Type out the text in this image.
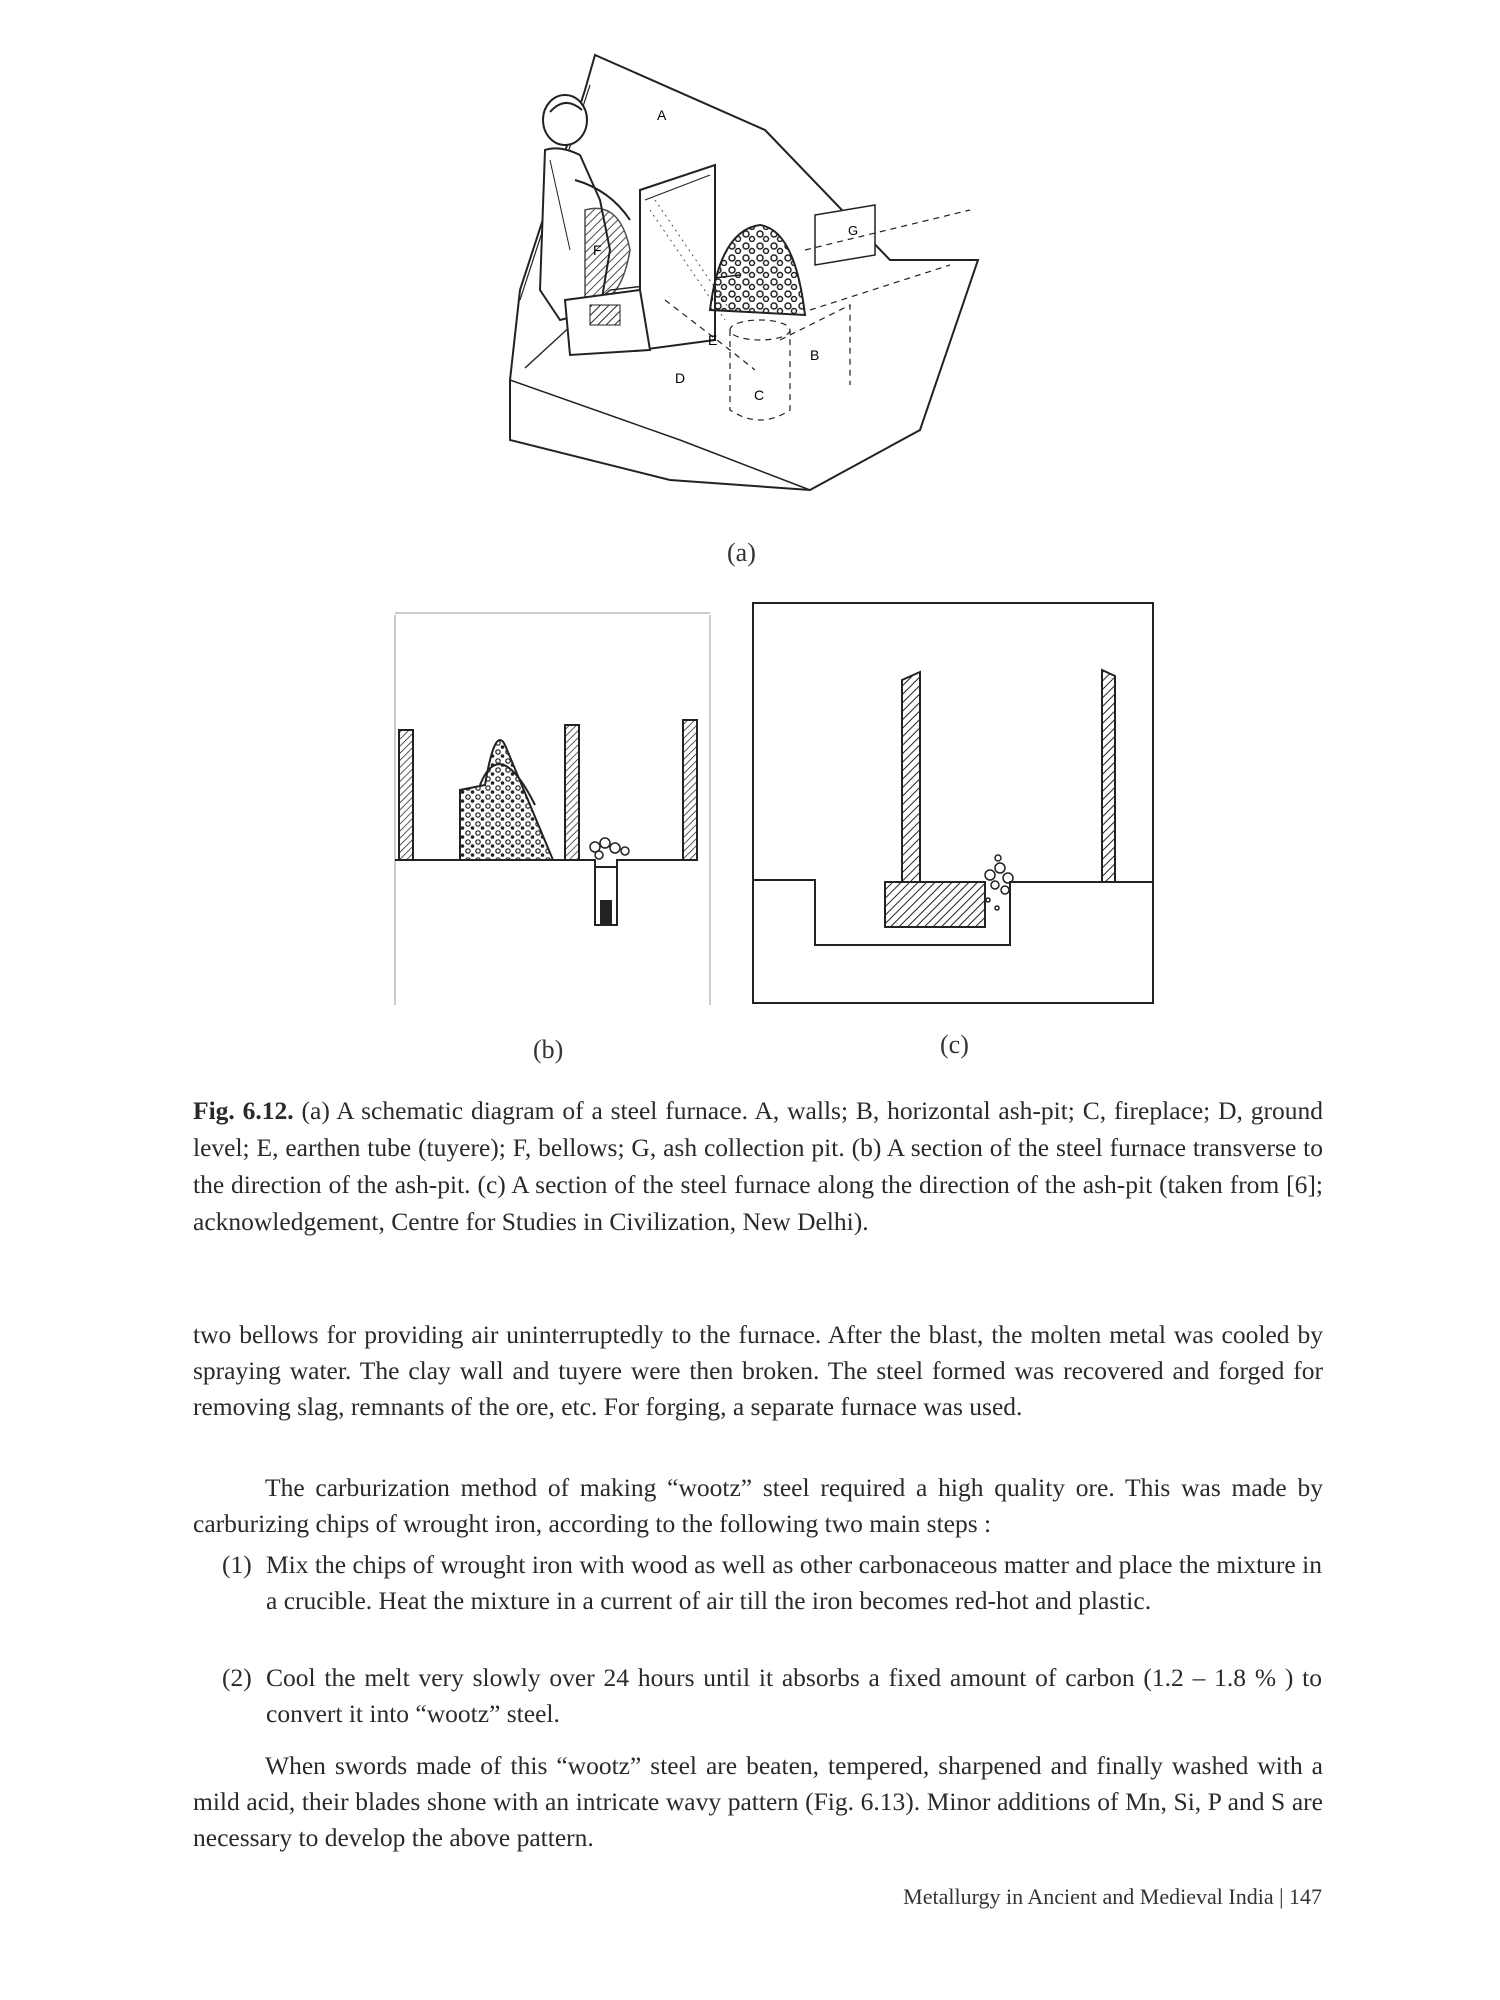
F
G
E
D
C
B
A
(a)
(b)	(c)
Fig. 6.12. (a) A schematic diagram of a steel furnace. A, walls; B, horizontal ash-pit; C, fireplace; D, ground level; E, earthen tube (tuyere); F, bellows; G, ash collection pit. (b) A section of the steel furnace transverse to the direction of the ash-pit. (c) A section of the steel furnace along the direction of the ash-pit (taken from [6]; acknowledgement, Centre for Studies in Civilization, New Delhi).
two bellows for providing air uninterruptedly to the furnace. After the blast, the molten metal was cooled by spraying water. The clay wall and tuyere were then broken. The steel formed was recovered and forged for removing slag, remnants of the ore, etc. For forging, a separate furnace was used.
The carburization method of making “wootz” steel required a high quality ore. This was made by carburizing chips of wrought iron, according to the following two main steps :
(1) Mix the chips of wrought iron with wood as well as other carbonaceous matter and place the mixture in a crucible. Heat the mixture in a current of air till the iron becomes red-hot and plastic.
(2) Cool the melt very slowly over 24 hours until it absorbs a fixed amount of carbon (1.2 – 1.8 % ) to convert it into “wootz” steel.
When swords made of this “wootz” steel are beaten, tempered, sharpened and finally washed with a mild acid, their blades shone with an intricate wavy pattern (Fig. 6.13). Minor additions of Mn, Si, P and S are necessary to develop the above pattern.
Metallurgy in Ancient and Medieval India | 147
